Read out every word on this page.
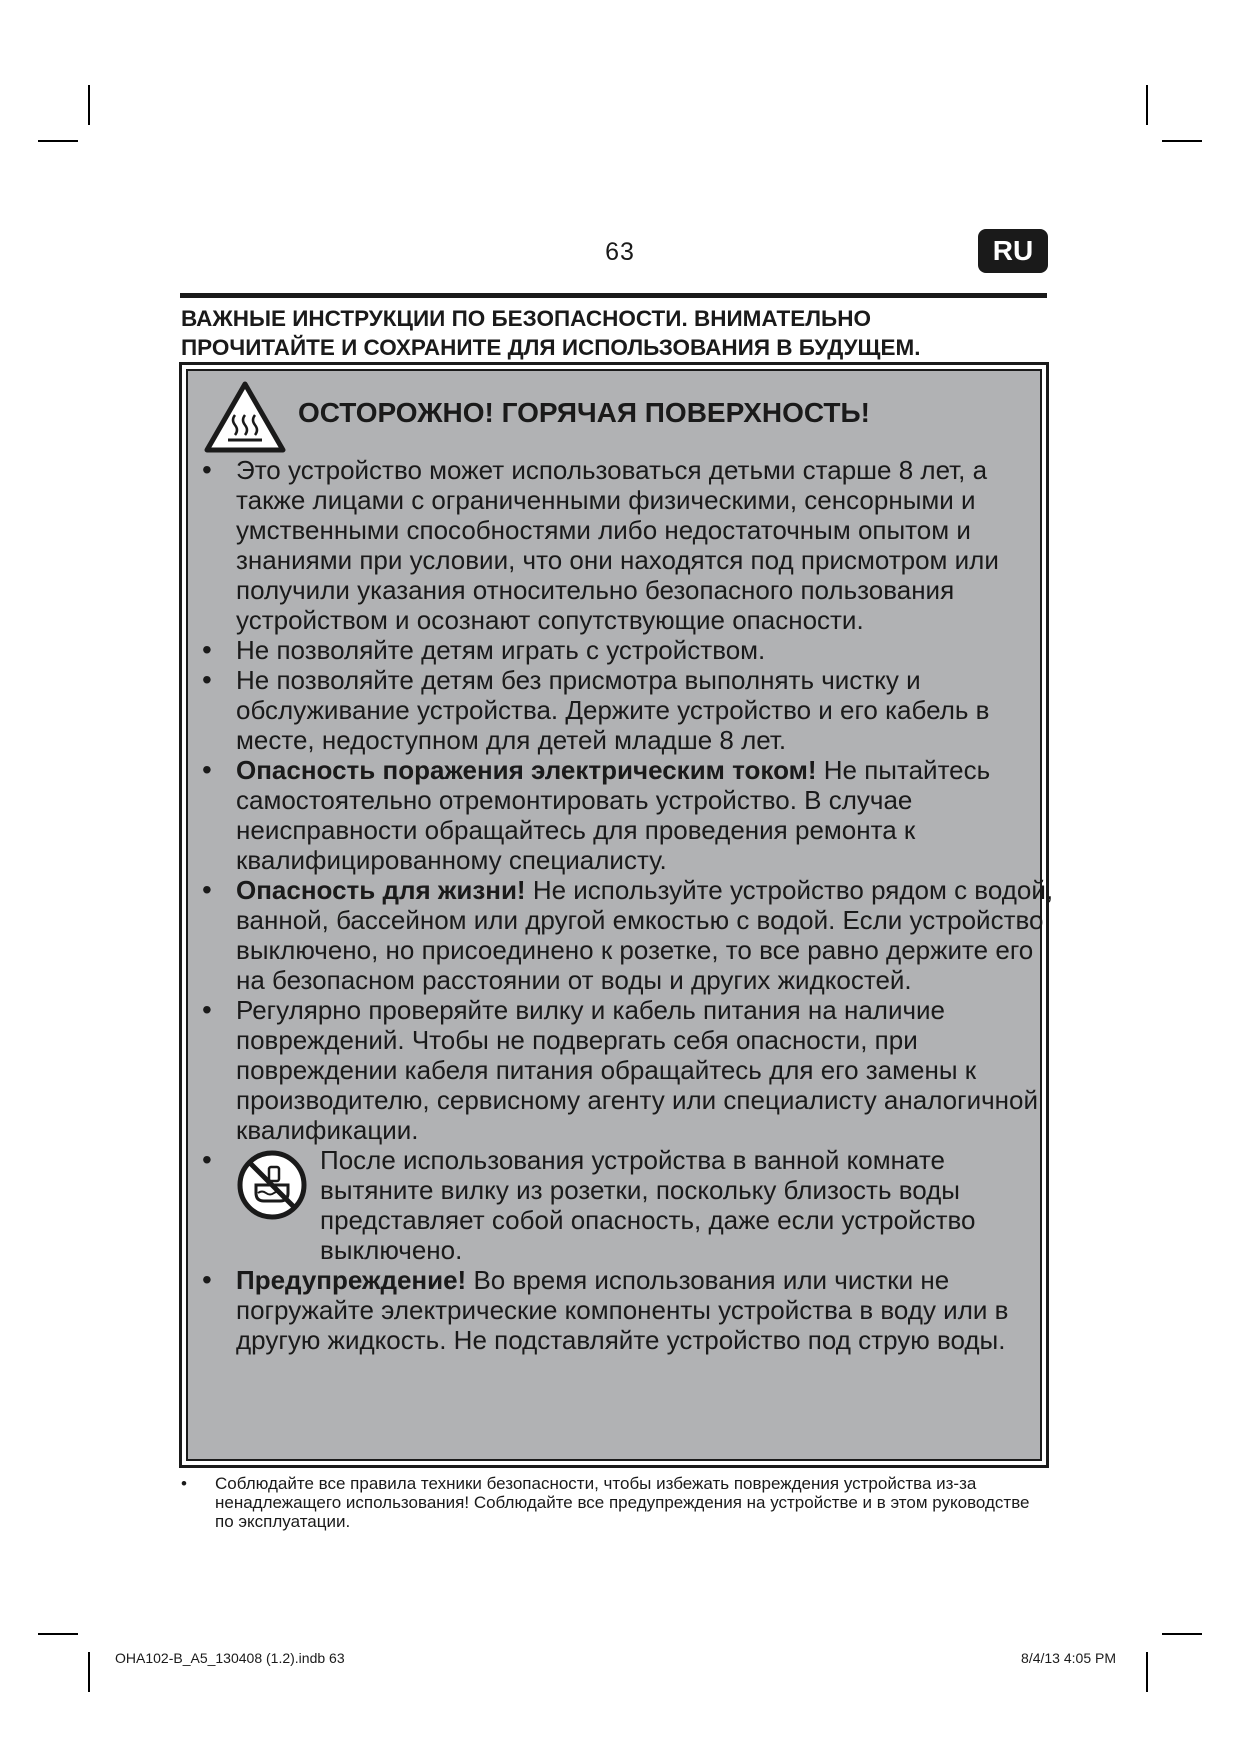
63	RU
ВАЖНЫЕ ИНСТРУКЦИИ ПО БЕЗОПАСНОСТИ. ВНИМАТЕЛЬНО
ПРОЧИТАЙТЕ И СОХРАНИТЕ ДЛЯ ИСПОЛЬЗОВАНИЯ В БУДУЩЕМ.
ОСТОРОЖНО! ГОРЯЧАЯ ПОВЕРХНОСТЬ!
• Это устройство может использоваться детьми старше 8 лет, а также лицами с ограниченными физическими, сенсорными и умственными способностями либо недостаточным опытом и знаниями при условии, что они находятся под присмотром или получили указания относительно безопасного пользования устройством и осознают сопутствующие опасности.
• Не позволяйте детям играть с устройством.
• Не позволяйте детям без присмотра выполнять чистку и обслуживание устройства. Держите устройство и его кабель в месте, недоступном для детей младше 8 лет.
• Опасность поражения электрическим током! Не пытайтесь самостоятельно отремонтировать устройство. В случае неисправности обращайтесь для проведения ремонта к квалифицированному специалисту.
• Опасность для жизни! Не используйте устройство рядом с водой, ванной, бассейном или другой емкостью с водой. Если устройство выключено, но присоединено к розетке, то все равно держите его на безопасном расстоянии от воды и других жидкостей.
• Регулярно проверяйте вилку и кабель питания на наличие повреждений. Чтобы не подвергать себя опасности, при повреждении кабеля питания обращайтесь для его замены к производителю, сервисному агенту или специалисту аналогичной квалификации.
• После использования устройства в ванной комнате вытяните вилку из розетки, поскольку близость воды представляет собой опасность, даже если устройство выключено.
• Предупреждение! Во время использования или чистки не погружайте электрические компоненты устройства в воду или в другую жидкость. Не подставляйте устройство под струю воды.
• Соблюдайте все правила техники безопасности, чтобы избежать повреждения устройства из-за ненадлежащего использования! Соблюдайте все предупреждения на устройстве и в этом руководстве по эксплуатации.
OHA102-B_A5_130408 (1.2).indb 63	8/4/13 4:05 PM
